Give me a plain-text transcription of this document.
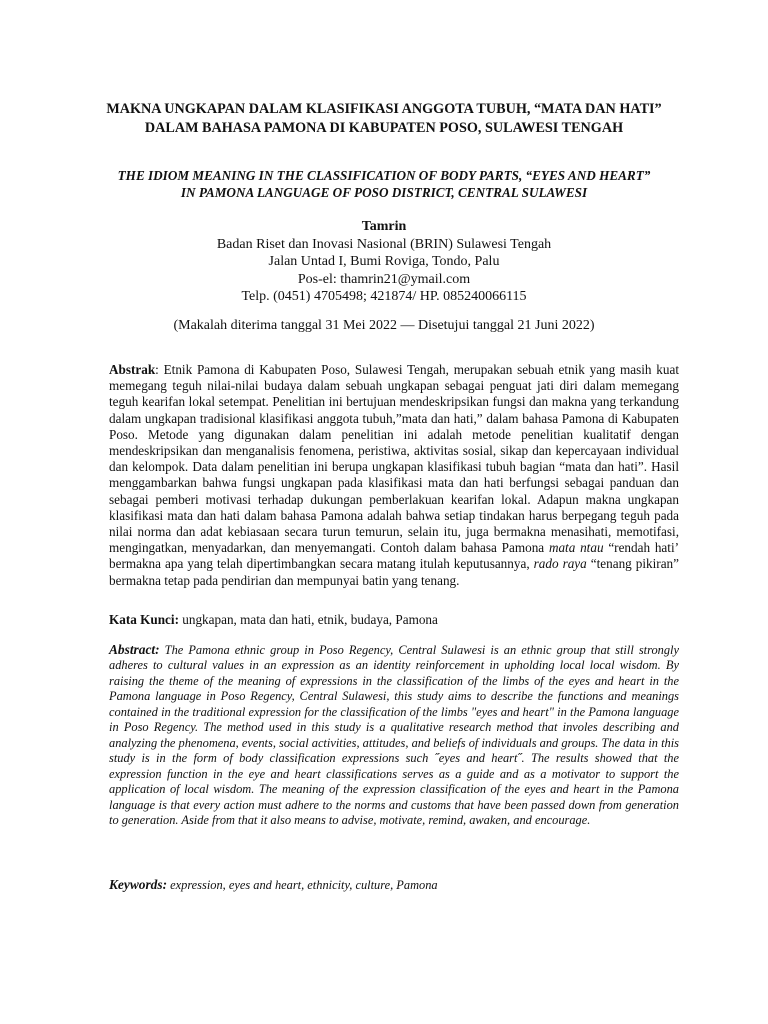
MAKNA UNGKAPAN DALAM KLASIFIKASI ANGGOTA TUBUH, “MATA DAN HATI” DALAM BAHASA PAMONA DI KABUPATEN POSO, SULAWESI TENGAH
THE IDIOM MEANING IN THE CLASSIFICATION OF BODY PARTS, “EYES AND HEART” IN PAMONA LANGUAGE OF POSO DISTRICT, CENTRAL SULAWESI
Tamrin
Badan Riset dan Inovasi Nasional (BRIN) Sulawesi Tengah
Jalan Untad I, Bumi Roviga, Tondo, Palu
Pos-el: thamrin21@ymail.com
Telp. (0451) 4705498; 421874/ HP. 085240066115
(Makalah diterima tanggal 31 Mei 2022 — Disetujui tanggal 21 Juni 2022)

Abstrak: Etnik Pamona di Kabupaten Poso, Sulawesi Tengah, merupakan sebuah etnik yang masih kuat memegang teguh nilai-nilai budaya dalam sebuah ungkapan sebagai penguat jati diri dalam memegang teguh kearifan lokal setempat. Penelitian ini bertujuan mendeskripsikan fungsi dan makna yang terkandung dalam ungkapan tradisional klasifikasi anggota tubuh,”mata dan hati,” dalam bahasa Pamona di Kabupaten Poso. Metode yang digunakan dalam penelitian ini adalah metode penelitian kualitatif dengan mendeskripsikan dan menganalisis fenomena, peristiwa, aktivitas sosial, sikap dan kepercayaan individual dan kelompok. Data dalam penelitian ini berupa ungkapan klasifikasi tubuh bagian “mata dan hati”. Hasil menggambarkan bahwa fungsi ungkapan pada klasifikasi mata dan hati berfungsi sebagai panduan dan sebagai pemberi motivasi terhadap dukungan pemberlakuan kearifan lokal. Adapun makna ungkapan klasifikasi mata dan hati dalam bahasa Pamona adalah bahwa setiap tindakan harus berpegang teguh pada nilai norma dan adat kebiasaan secara turun temurun, selain itu, juga bermakna menasihati, memotifasi, mengingatkan, menyadarkan, dan menyemangati. Contoh dalam bahasa Pamona mata ntau “rendah hati’ bermakna apa yang telah dipertimbangkan secara matang itulah keputusannya, rado raya “tenang pikiran” bermakna tetap pada pendirian dan mempunyai batin yang tenang.

Kata Kunci: ungkapan, mata dan hati, etnik, budaya, Pamona

Abstract: The Pamona ethnic group in Poso Regency, Central Sulawesi is an ethnic group that still strongly adheres to cultural values in an expression as an identity reinforcement in upholding local local wisdom. By raising the theme of the meaning of expressions in the classification of the limbs of the eyes and heart in the Pamona language in Poso Regency, Central Sulawesi, this study aims to describe the functions and meanings contained in the traditional expression for the classification of the limbs "eyes and heart" in the Pamona language in Poso Regency. The method used in this study is a qualitative research method that involes describing and analyzing the phenomena, events, social activities, attitudes, and beliefs of individuals and groups. The data in this study is in the form of body classification expressions such ˝eyes and heart˝. The results showed that the expression function in the eye and heart classifications serves as a guide and as a motivator to support the application of local wisdom. The meaning of the expression classification of the eyes and heart in the Pamona language is that every action must adhere to the norms and customs that have been passed down from generation to generation. Aside from that it also means to advise, motivate, remind, awaken, and encourage.

Keywords: expression, eyes and heart, ethnicity, culture, Pamona
